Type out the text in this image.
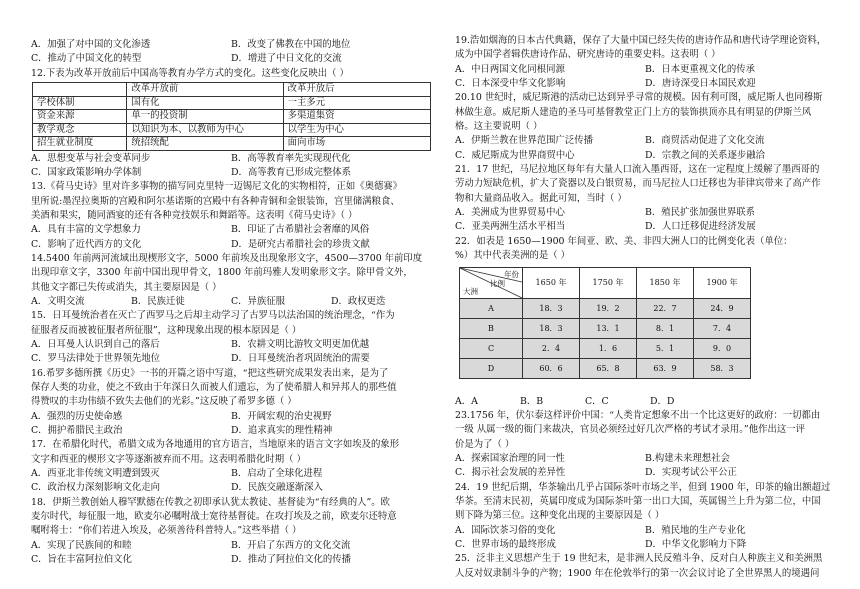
A．加强了对中国的文化渗透	B．改变了佛教在中国的地位
C．推动了中国文化的转型	D．增进了中日文化的交流
12.下表为改革开放前后中国高等教育办学方式的变化。这些变化反映出（ ）
	改革开放前	改革开放后
学校体制	国有化	一主多元
资金来源	单一的投资制	多渠道集资
教学观念	以知识为本、以教师为中心	以学生为中心
招生就业制度	统招统配	面向市场
A．思想变革与社会变革同步	B．高等教育率先实现现代化
C．国家政策影响办学体制	D．高等教育已形成完整体系
13.《荷马史诗》里对许多事物的描写同克里特一迈锡尼文化的实物相符，正如《奥德赛》
里所说:墨涅拉奥斯的宫殿和阿尔基诺斯的宫殿中有各种青铜和金银装饰，宫里储满粮食、
美酒和果实，随同酒宴的还有各种竞技娱乐和舞蹈等。这表明《荷马史诗》（ ）
A．具有丰富的文学想象力	B．印证了古希腊社会奢靡的风俗
C．影响了近代西方的文化	D．是研究古希腊社会的珍贵文献
14.5400 年前两河流域出现楔形文字，5000 年前埃及出现象形文字，4500—3700 年前印度
出现印章文字，3300 年前中国出现甲骨文，1800 年前玛雅人发明象形文字。除甲骨文外，
其他文字都已失传或消失，其主要原因是（ ）
A．文明交流	B．民族迁徙	C．异族征服	D．政权更迭
15．日耳曼统治者在灭亡了西罗马之后却主动学习了古罗马以法治国的统治理念，“作为
征服者反而被被征服者所征服”，这种现象出现的根本原因是（ ）
A．日耳曼人认识到自己的落后	B．农耕文明比游牧文明更加优越
C．罗马法律处于世界领先地位	D．日耳曼统治者巩固统治的需要
16.希罗多德所撰《历史》一书的开篇之语中写道，“把这些研究成果发表出来，是为了
保存人类的功业，使之不致由于年深日久而被人们遗忘，为了使希腊人和异邦人的那些值
得赞叹的丰功伟绩不致失去他们的光彩。”这反映了希罗多德（ ）
A．强烈的历史使命感	B．开阔宏观的治史视野
C．拥护希腊民主政治	D．追求真实的理性精神
17．在希腊化时代，希腊文成为各地通用的官方语言，当地原来的语言文字如埃及的象形
文字和西亚的楔形文字等逐渐被弃而不用。这表明希腊化时期（ ）
A．西亚北非传统文明遭到毁灭	B．启动了全球化进程
C．政治权力深刻影响文化走向	D．民族交融逐渐深入
18．伊斯兰教创始人穆罕默德在传教之初即承认犹太教徒、基督徒为“有经典的人”。欧
麦尔时代，每征服一地，欧麦尔必嘱咐战士宽待基督徒。在攻打埃及之前，欧麦尔还特意
嘱咐将士：“你们若进入埃及，必须善待科普特人。”这些举措（ ）
A．实现了民族间的和睦	B．开启了东西方的文化交流
C．旨在丰富阿拉伯文化	D．推动了阿拉伯文化的传播
19.浩如烟海的日本古代典籍，保存了大量中国已经失传的唐诗作品和唐代诗学理论资料，
成为中国学者辑佚唐诗作品、研究唐诗的重要史料。这表明（ ）
A．中日两国文化同根同源	B．日本更重视文化的传承
C．日本深受中华文化影响	D．唐诗深受日本国民欢迎
20.10 世纪时，威尼斯港的活动已达到异乎寻常的规模。因有利可图，威尼斯人也同穆斯
林做生意。威尼斯人建造的圣马可基督教堂正门上方的装饰拱顶亦具有明显的伊斯兰风
格。这主要说明（ ）
A．伊斯兰教在世界范围广泛传播	B．商贸活动促进了文化交流
C．威尼斯成为世界商贸中心	D．宗教之间的关系逐步融洽
21．17 世纪，马尼拉地区每年有大量人口流入墨西哥，这在一定程度上缓解了墨西哥的
劳动力短缺危机，扩大了瓷器以及白银贸易，而马尼拉人口迁移也为菲律宾带来了高产作
物和大量商品收入。据此可知，当时（ ）
A．美洲成为世界贸易中心	B．殖民扩张加强世界联系
C．亚美两洲生活水平相当	D．人口迁移促进经济发展
22．如表是 1650—1900 年间亚、欧、美、非四大洲人口的比例变化表（单位：
%）其中代表美洲的是（ ）
年份
比例
大洲	1650 年	1750 年	1850 年	1900 年
A	18．3	19．2	22．7	24．9
B	18．3	13．1	8．1	7．4
C	2．4	1．6	5．1	9．0
D	60．6	65．8	63．9	58．3
A．A	B．B	C．C	D．D
23.1756 年，伏尔泰这样评价中国：“人类肯定想象不出一个比这更好的政府：一切都由
一级 从属一级的衙门来裁决，官员必须经过好几次严格的考试才录用。”他作出这一评
价是为了（ ）
A．探索国家治理的同一性	B.构建未来理想社会
C．揭示社会发展的差异性	D．实现考试公平公正
24．19 世纪后期，华茶输出几乎占国际茶叶市场之半，但到 1900 年，印茶的输出额超过
华茶。至清末民初，英属印度成为国际茶叶第一出口大国，英属锡兰上升为第二位，中国
则下降为第三位。这种变化出现的主要原因是（ ）
A．国际饮茶习俗的变化	B．殖民地的生产专业化
C．世界市场的最终形成	D．中华文化影响力下降
25．泛非主义思想产生于 19 世纪末，是非洲人民反殖斗争、反对白人种族主义和美洲黑
人反对奴隶制斗争的产物；1900 年在伦敦举行的第一次会议讨论了全世界黑人的境遇问
